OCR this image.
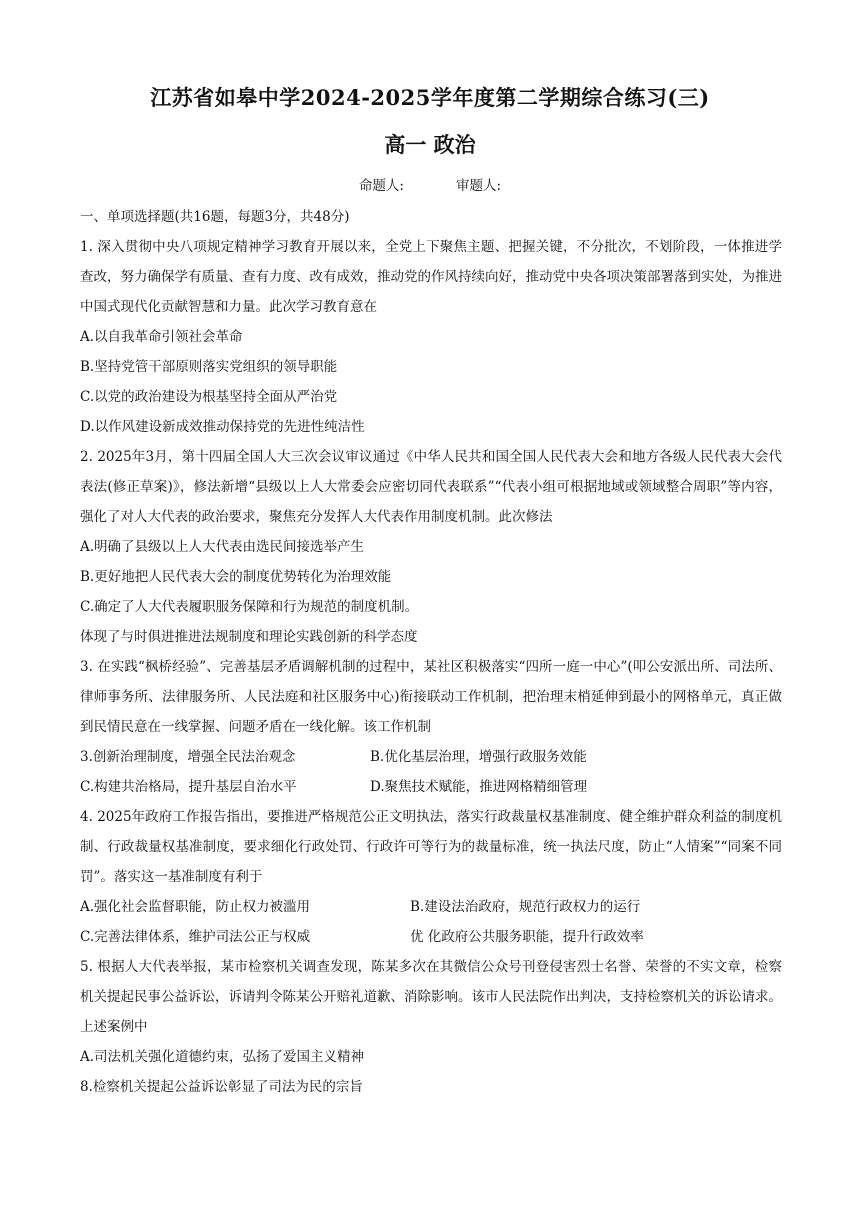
江苏省如皋中学2024-2025学年度第二学期综合练习(三)
高一 政治
命题人:	审题人:
一、单项选择题(共16题，每题3分，共48分)
1. 深入贯彻中央八项规定精神学习教育开展以来，全党上下聚焦主题、把握关键，不分批次，不划阶段，一体推进学查改，努力确保学有质量、查有力度、改有成效，推动党的作风持续向好，推动党中央各项决策部署落到实处，为推进中国式现代化贡献智慧和力量。此次学习教育意在
A.以自我革命引领社会革命
B.坚持党管干部原则落实党组织的领导职能
C.以党的政治建设为根基坚持全面从严治党
D.以作风建设新成效推动保持党的先进性纯洁性
2. 2025年3月，第十四届全国人大三次会议审议通过《中华人民共和国全国人民代表大会和地方各级人民代表大会代表法(修正草案)》，修法新增“县级以上人大常委会应密切同代表联系”“代表小组可根据地域或领域整合周职”等内容，强化了对人大代表的政治要求，聚焦充分发挥人大代表作用制度机制。此次修法
A.明确了县级以上人大代表由选民间接选举产生
B.更好地把人民代表大会的制度优势转化为治理效能
C.确定了人大代表履职服务保障和行为规范的制度机制。
体现了与时俱进推进法规制度和理论实践创新的科学态度
3. 在实践“枫桥经验”、完善基层矛盾调解机制的过程中，某社区积极落实“四所一庭一中心”(叩公安派出所、司法所、律师事务所、法律服务所、人民法庭和社区服务中心)衔接联动工作机制，把治理末梢延伸到最小的网格单元，真正做到民情民意在一线掌握、问题矛盾在一线化解。该工作机制
3.创新治理制度，增强全民法治观念	B.优化基层治理，增强行政服务效能
C.构建共治格局，提升基层自治水平	D.聚焦技术赋能，推进网格精细管理
4. 2025年政府工作报告指出，要推进严格规范公正文明执法，落实行政裁量权基准制度、健全维护群众利益的制度机制、行政裁量权基准制度，要求细化行政处罚、行政许可等行为的裁量标准，统一执法尺度，防止“人情案”“同案不同罚”。落实这一基准制度有利于
A.强化社会监督职能，防止权力被滥用	B.建设法治政府，规范行政权力的运行
C.完善法律体系，维护司法公正与权威	优 化政府公共服务职能，提升行政效率
5. 根据人大代表举报，某市检察机关调查发现，陈某多次在其微信公众号刊登侵害烈士名誉、荣誉的不实文章，检察机关提起民事公益诉讼，诉请判令陈某公开赔礼道歉、消除影响。该市人民法院作出判决，支持检察机关的诉讼请求。上述案例中
A.司法机关强化道德约束，弘扬了爱国主义精神
8.检察机关提起公益诉讼彰显了司法为民的宗旨
